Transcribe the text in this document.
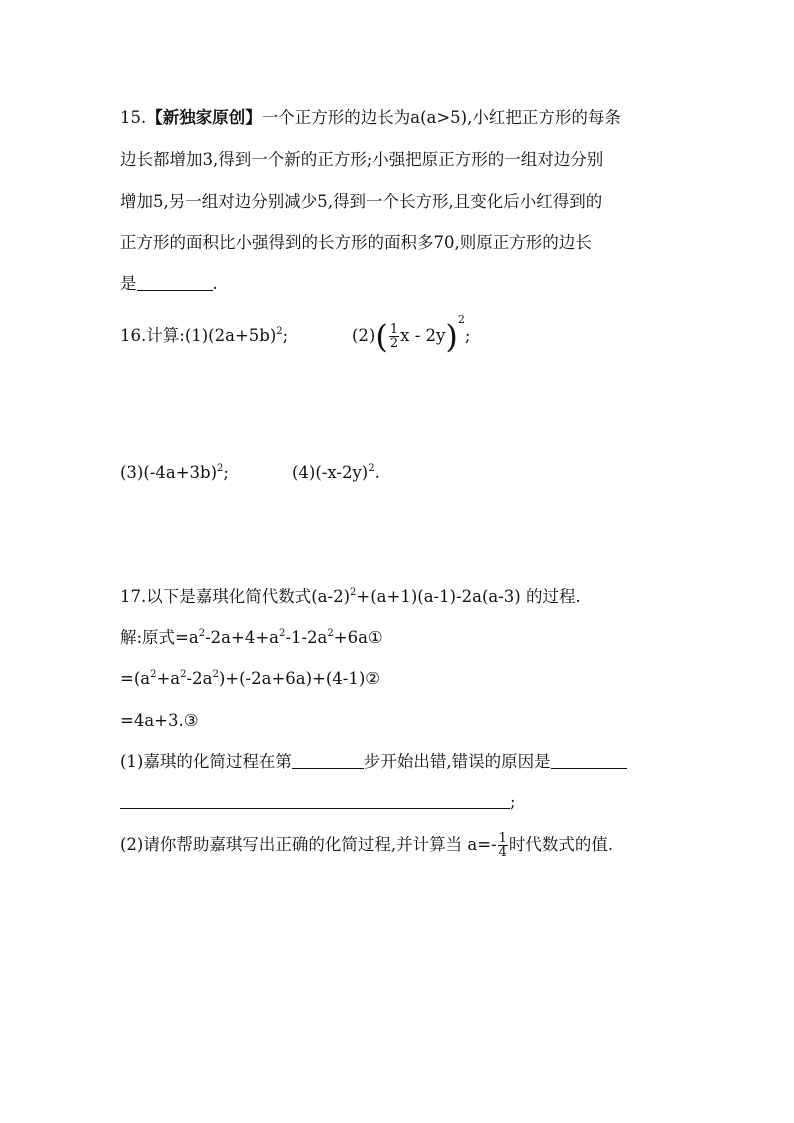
15.【新独家原创】一个正方形的边长为a(a>5),小红把正方形的每条
边长都增加3,得到一个新的正方形;小强把原正方形的一组对边分别
增加5,另一组对边分别减少5,得到一个长方形,且变化后小红得到的
正方形的面积比小强得到的长方形的面积多70,则原正方形的边长
是	.
16.计算$:(1)(2a+5b)^2$;	$(2)( \frac{1}{2}$ x - 2y)$^2$;
$(3)(-4a+3b)^2$;	$(4)(-x-2y)^2$.
17.以下是嘉琪化简代数式$(a-2)^2+(a+1)(a-1)-2a(a-3)$ 的过程.
解:原式$=a^2-2a+4+a^2-1-2a^2+6a①$
$=(a^2+a^2-2a^2)+(-2a+6a)+(4-1)②$
=4a+3.③
(1)嘉琪的化简过程在第	步开始出错,错误的原因是
;
(2)请你帮助嘉琪写出正确的化简过程,并计算当 $a=- \frac{1}{4}$ 时代数式的值.
